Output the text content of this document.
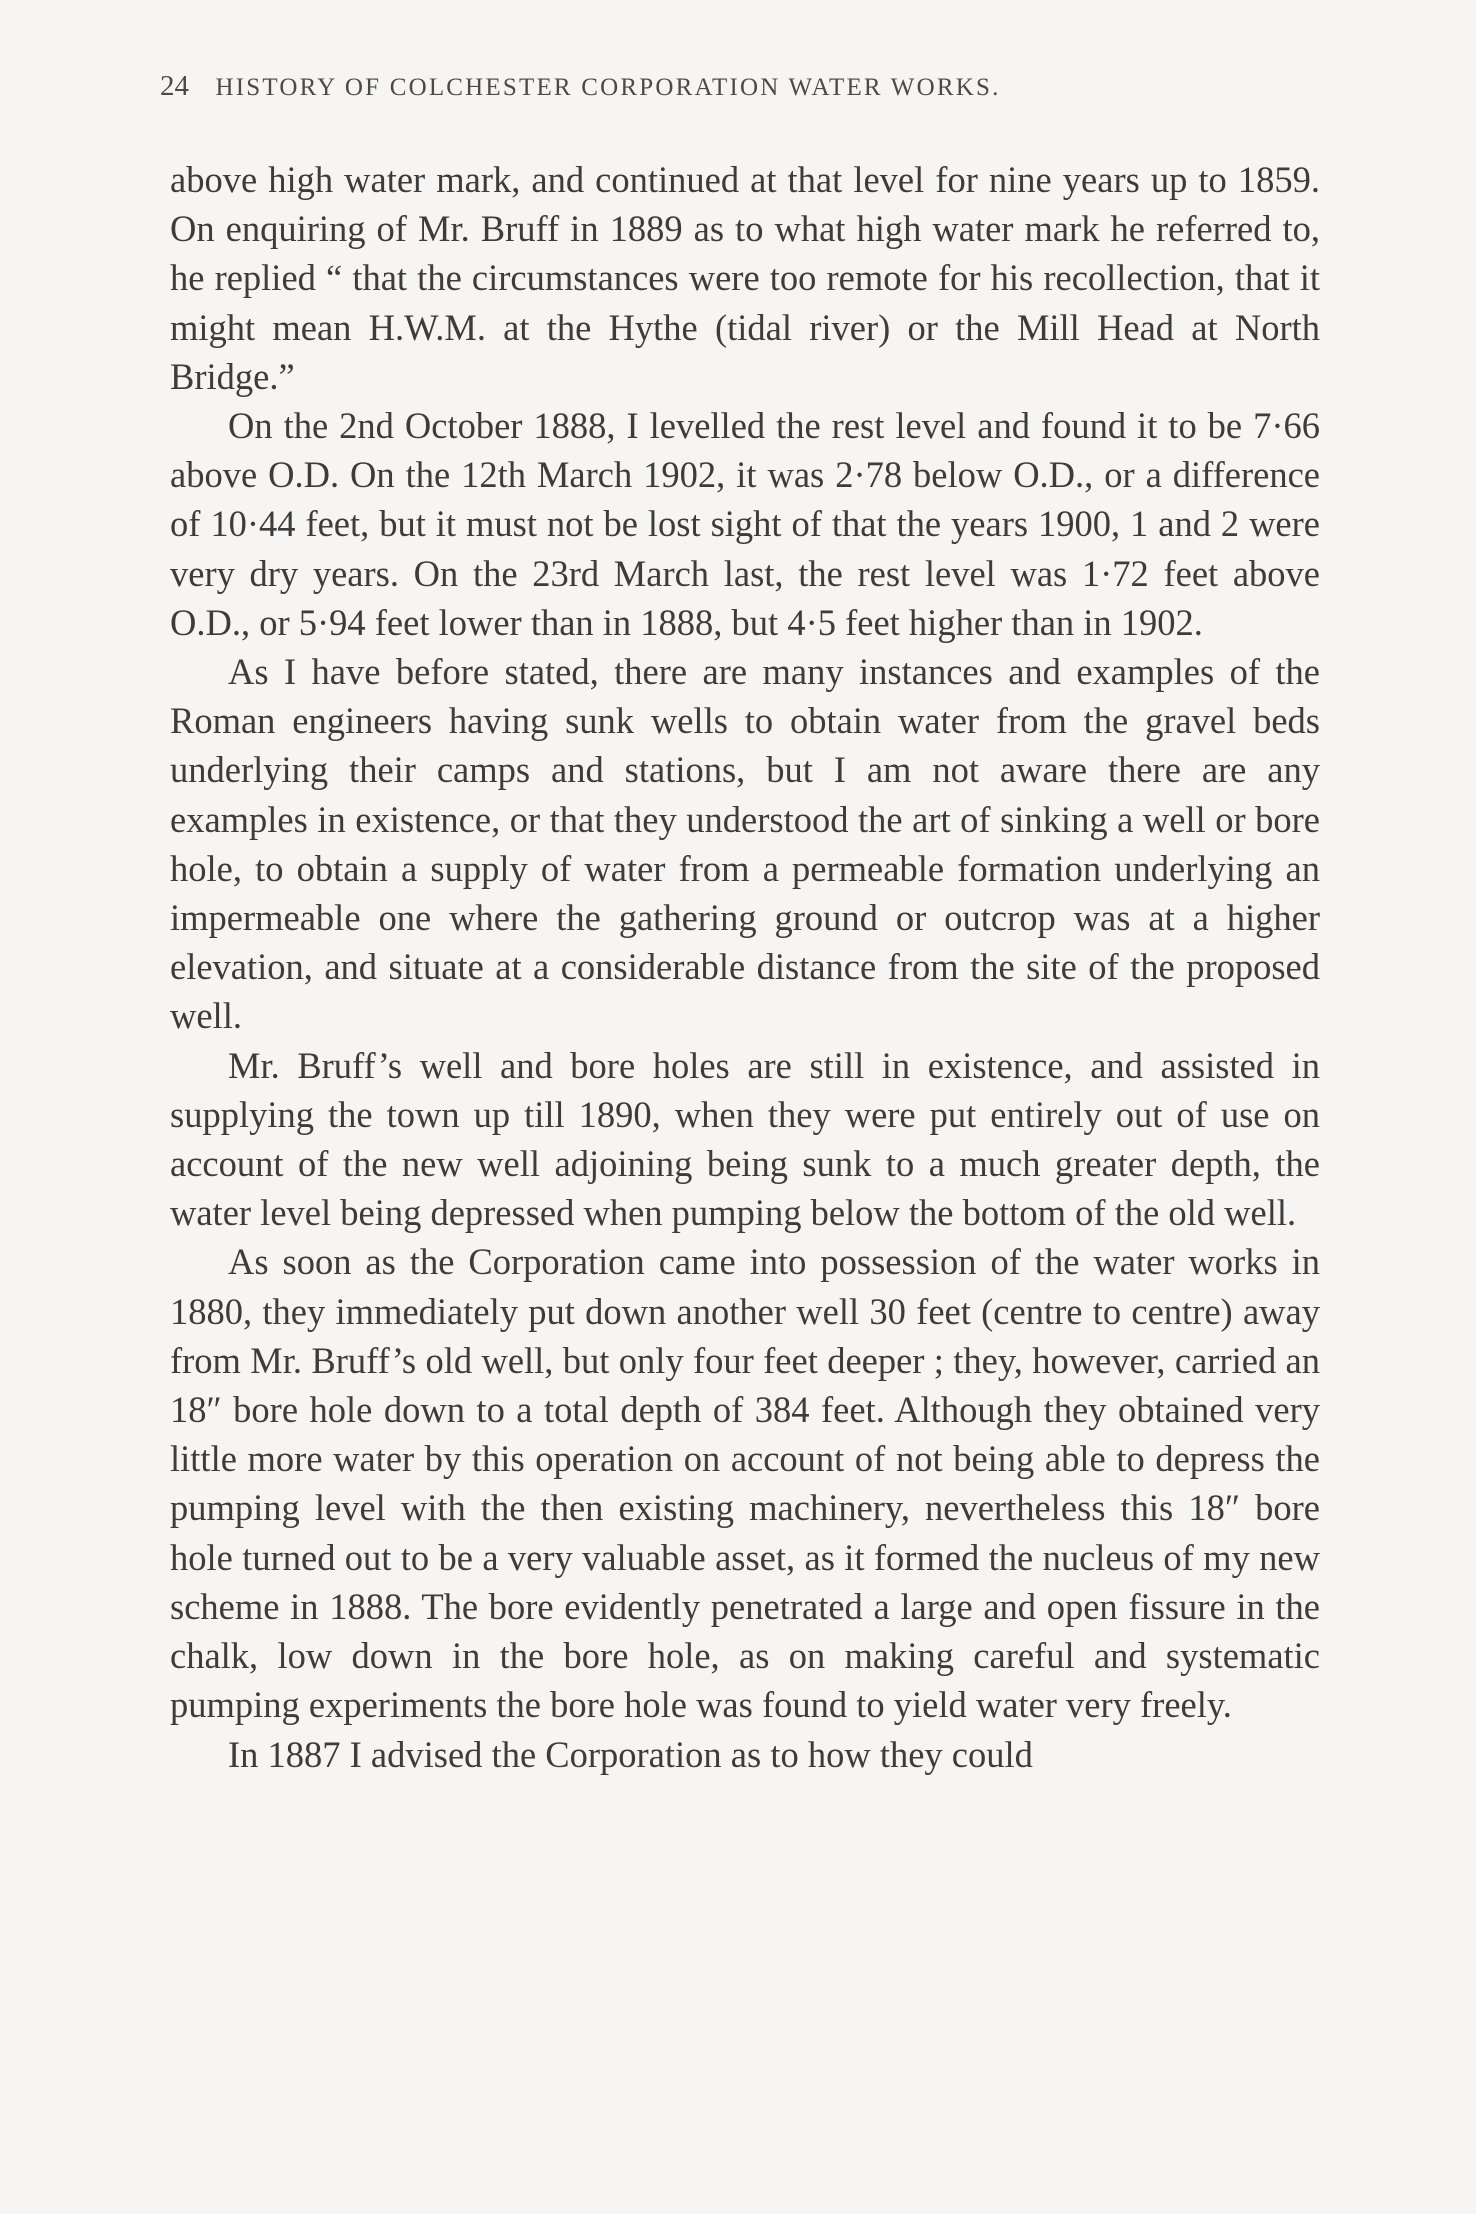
24 HISTORY OF COLCHESTER CORPORATION WATER WORKS.

above high water mark, and continued at that level for nine years up to 1859. On enquiring of Mr. Bruff in 1889 as to what high water mark he referred to, he replied “ that the circumstances were too remote for his recollection, that it might mean H.W.M. at the Hythe (tidal river) or the Mill Head at North Bridge.”

On the 2nd October 1888, I levelled the rest level and found it to be 7·66 above O.D. On the 12th March 1902, it was 2·78 below O.D., or a difference of 10·44 feet, but it must not be lost sight of that the years 1900, 1 and 2 were very dry years. On the 23rd March last, the rest level was 1·72 feet above O.D., or 5·94 feet lower than in 1888, but 4·5 feet higher than in 1902.

As I have before stated, there are many instances and examples of the Roman engineers having sunk wells to obtain water from the gravel beds underlying their camps and stations, but I am not aware there are any examples in existence, or that they understood the art of sinking a well or bore hole, to obtain a supply of water from a permeable formation underlying an impermeable one where the gathering ground or outcrop was at a higher elevation, and situate at a considerable distance from the site of the proposed well.

Mr. Bruff’s well and bore holes are still in existence, and assisted in supplying the town up till 1890, when they were put entirely out of use on account of the new well adjoining being sunk to a much greater depth, the water level being depressed when pumping below the bottom of the old well.

As soon as the Corporation came into possession of the water works in 1880, they immediately put down another well 30 feet (centre to centre) away from Mr. Bruff’s old well, but only four feet deeper ; they, however, carried an 18″ bore hole down to a total depth of 384 feet. Although they obtained very little more water by this operation on account of not being able to depress the pumping level with the then existing machinery, nevertheless this 18″ bore hole turned out to be a very valuable asset, as it formed the nucleus of my new scheme in 1888. The bore evidently penetrated a large and open fissure in the chalk, low down in the bore hole, as on making careful and systematic pumping experiments the bore hole was found to yield water very freely.

In 1887 I advised the Corporation as to how they could
